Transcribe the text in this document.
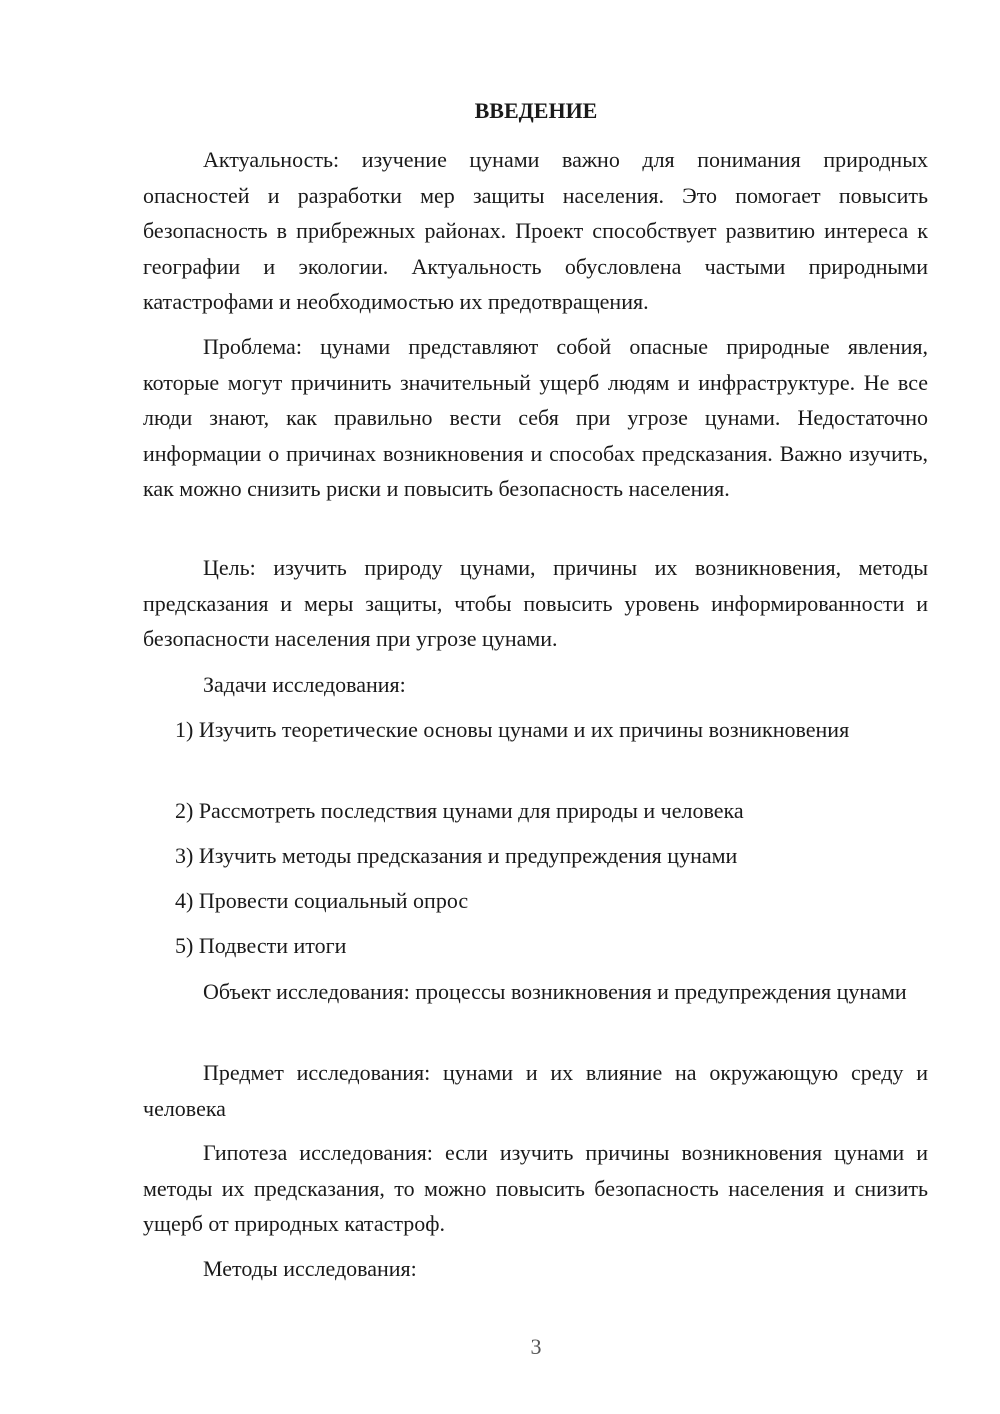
ВВЕДЕНИЕ

Актуальность: изучение цунами важно для понимания природных опасностей и разработки мер защиты населения. Это помогает повысить безопасность в прибрежных районах. Проект способствует развитию интереса к географии и экологии. Актуальность обусловлена частыми природными катастрофами и необходимостью их предотвращения.

Проблема: цунами представляют собой опасные природные явления, которые могут причинить значительный ущерб людям и инфраструктуре. Не все люди знают, как правильно вести себя при угрозе цунами. Недостаточно информации о причинах возникновения и способах предсказания. Важно изучить, как можно снизить риски и повысить безопасность населения.

Цель: изучить природу цунами, причины их возникновения, методы предсказания и меры защиты, чтобы повысить уровень информированности и безопасности населения при угрозе цунами.

Задачи исследования:

1) Изучить теоретические основы цунами и их причины возникновения

2) Рассмотреть последствия цунами для природы и человека

3) Изучить методы предсказания и предупреждения цунами

4) Провести социальный опрос

5) Подвести итоги

Объект исследования: процессы возникновения и предупреждения цунами

Предмет исследования: цунами и их влияние на окружающую среду и человека

Гипотеза исследования: если изучить причины возникновения цунами и методы их предсказания, то можно повысить безопасность населения и снизить ущерб от природных катастроф.

Методы исследования:

3
